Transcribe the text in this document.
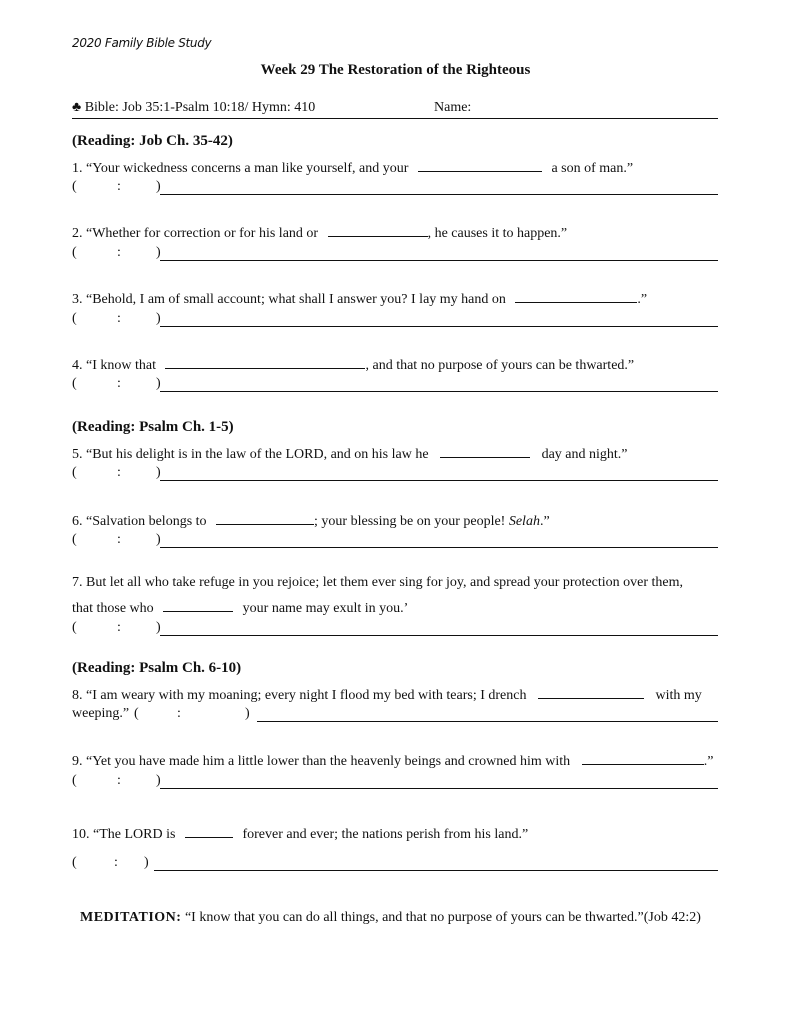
2020 Family Bible Study
Week 29 The Restoration of the Righteous
♣ Bible: Job 35:1-Psalm 10:18/ Hymn: 410	Name:
(Reading: Job Ch. 35-42)
1. “Your wickedness concerns a man like yourself, and your	a son of man.”
(	:	)
2. “Whether for correction or for his land or	, he causes it to happen.”
(	:	)
3. “Behold, I am of small account; what shall I answer you? I lay my hand on	.”
(	:	)
4. “I know that	, and that no purpose of yours can be thwarted.”
(	:	)
(Reading: Psalm Ch. 1-5)
5. “But his delight is in the law of the LORD, and on his law he	day and night.”
(	:	)
6. “Salvation belongs to	; your blessing be on your people! Selah.”
(	:	)
7. But let all who take refuge in you rejoice; let them ever sing for joy, and spread your protection over them,
that those who	your name may exult in you.’
(	:	)
(Reading: Psalm Ch. 6-10)
8. “I am weary with my moaning; every night I flood my bed with tears; I drench	with my
weeping.” (	:	)
9. “Yet you have made him a little lower than the heavenly beings and crowned him with	.”
(	:	)
10. “The LORD is	forever and ever; the nations perish from his land.”
(	: )
MEDITATION: “I know that you can do all things, and that no purpose of yours can be thwarted.”(Job 42:2)
